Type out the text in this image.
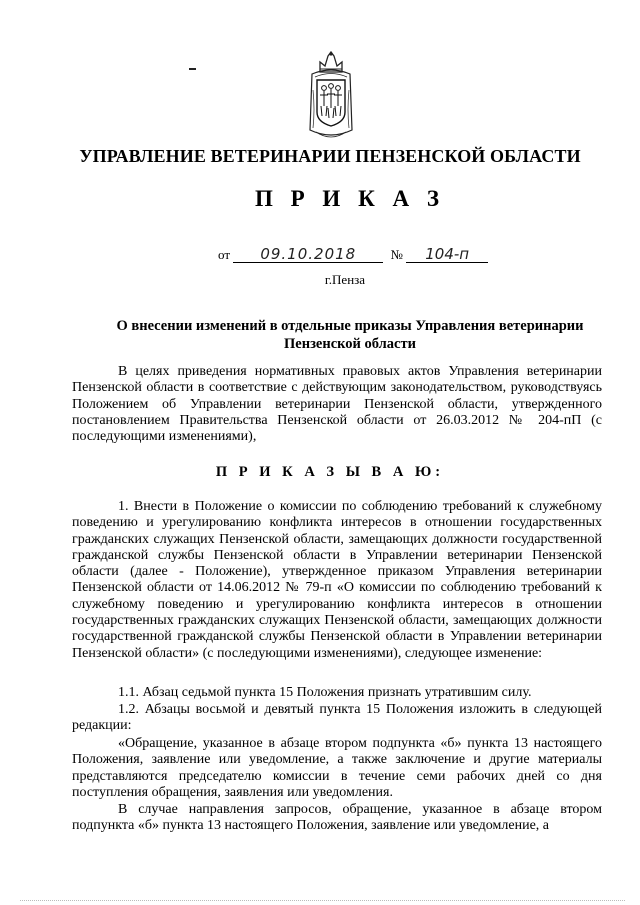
УПРАВЛЕНИЕ ВЕТЕРИНАРИИ ПЕНЗЕНСКОЙ ОБЛАСТИ
П Р И К А З
от 09.10.2018	№ 104-п
г.Пенза
О внесении изменений в отдельные приказы Управления ветеринарии Пензенской области

В целях приведения нормативных правовых актов Управления ветеринарии Пензенской области в соответствие с действующим законодательством, руководствуясь Положением об Управлении ветеринарии Пензенской области, утвержденного постановлением Правительства Пензенской области от 26.03.2012 № 204-пП (с последующими изменениями),

П Р И К А З Ы В А Ю:

1. Внести в Положение о комиссии по соблюдению требований к служебному поведению и урегулированию конфликта интересов в отношении государственных гражданских служащих Пензенской области, замещающих должности государственной гражданской службы Пензенской области в Управлении ветеринарии Пензенской области (далее - Положение), утвержденное приказом Управления ветеринарии Пензенской области от 14.06.2012 № 79-п «О комиссии по соблюдению требований к служебному поведению и урегулированию конфликта интересов в отношении государственных гражданских служащих Пензенской области, замещающих должности государственной гражданской службы Пензенской области в Управлении ветеринарии Пензенской области» (с последующими изменениями), следующее изменение:

1.1. Абзац седьмой пункта 15 Положения признать утратившим силу.

1.2. Абзацы восьмой и девятый пункта 15 Положения изложить в следующей редакции:

«Обращение, указанное в абзаце втором подпункта «б» пункта 13 настоящего Положения, заявление или уведомление, а также заключение и другие материалы представляются председателю комиссии в течение семи рабочих дней со дня поступления обращения, заявления или уведомления.

В случае направления запросов, обращение, указанное в абзаце втором подпункта «б» пункта 13 настоящего Положения, заявление или уведомление, а
